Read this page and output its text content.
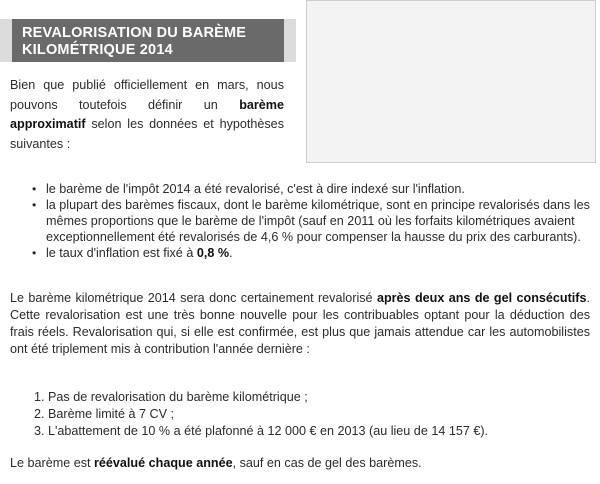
REVALORISATION DU BARÈME
KILOMÉTRIQUE 2014

Bien que publié officiellement en mars, nous pouvons toutefois définir un barème approximatif selon les données et hypothèses suivantes :

• le barème de l'impôt 2014 a été revalorisé, c'est à dire indexé sur l'inflation.
• la plupart des barèmes fiscaux, dont le barème kilométrique, sont en principe revalorisés dans les mêmes proportions que le barème de l'impôt (sauf en 2011 où les forfaits kilométriques avaient exceptionnellement été revalorisés de 4,6 % pour compenser la hausse du prix des carburants).
• le taux d'inflation est fixé à 0,8 %.

Le barème kilométrique 2014 sera donc certainement revalorisé après deux ans de gel consécutifs. Cette revalorisation est une très bonne nouvelle pour les contribuables optant pour la déduction des frais réels. Revalorisation qui, si elle est confirmée, est plus que jamais attendue car les automobilistes ont été triplement mis à contribution l'année dernière :

1. Pas de revalorisation du barème kilométrique ;
2. Barème limité à 7 CV ;
3. L'abattement de 10 % a été plafonné à 12 000 € en 2013 (au lieu de 14 157 €).

Le barème est réévalué chaque année, sauf en cas de gel des barèmes.
